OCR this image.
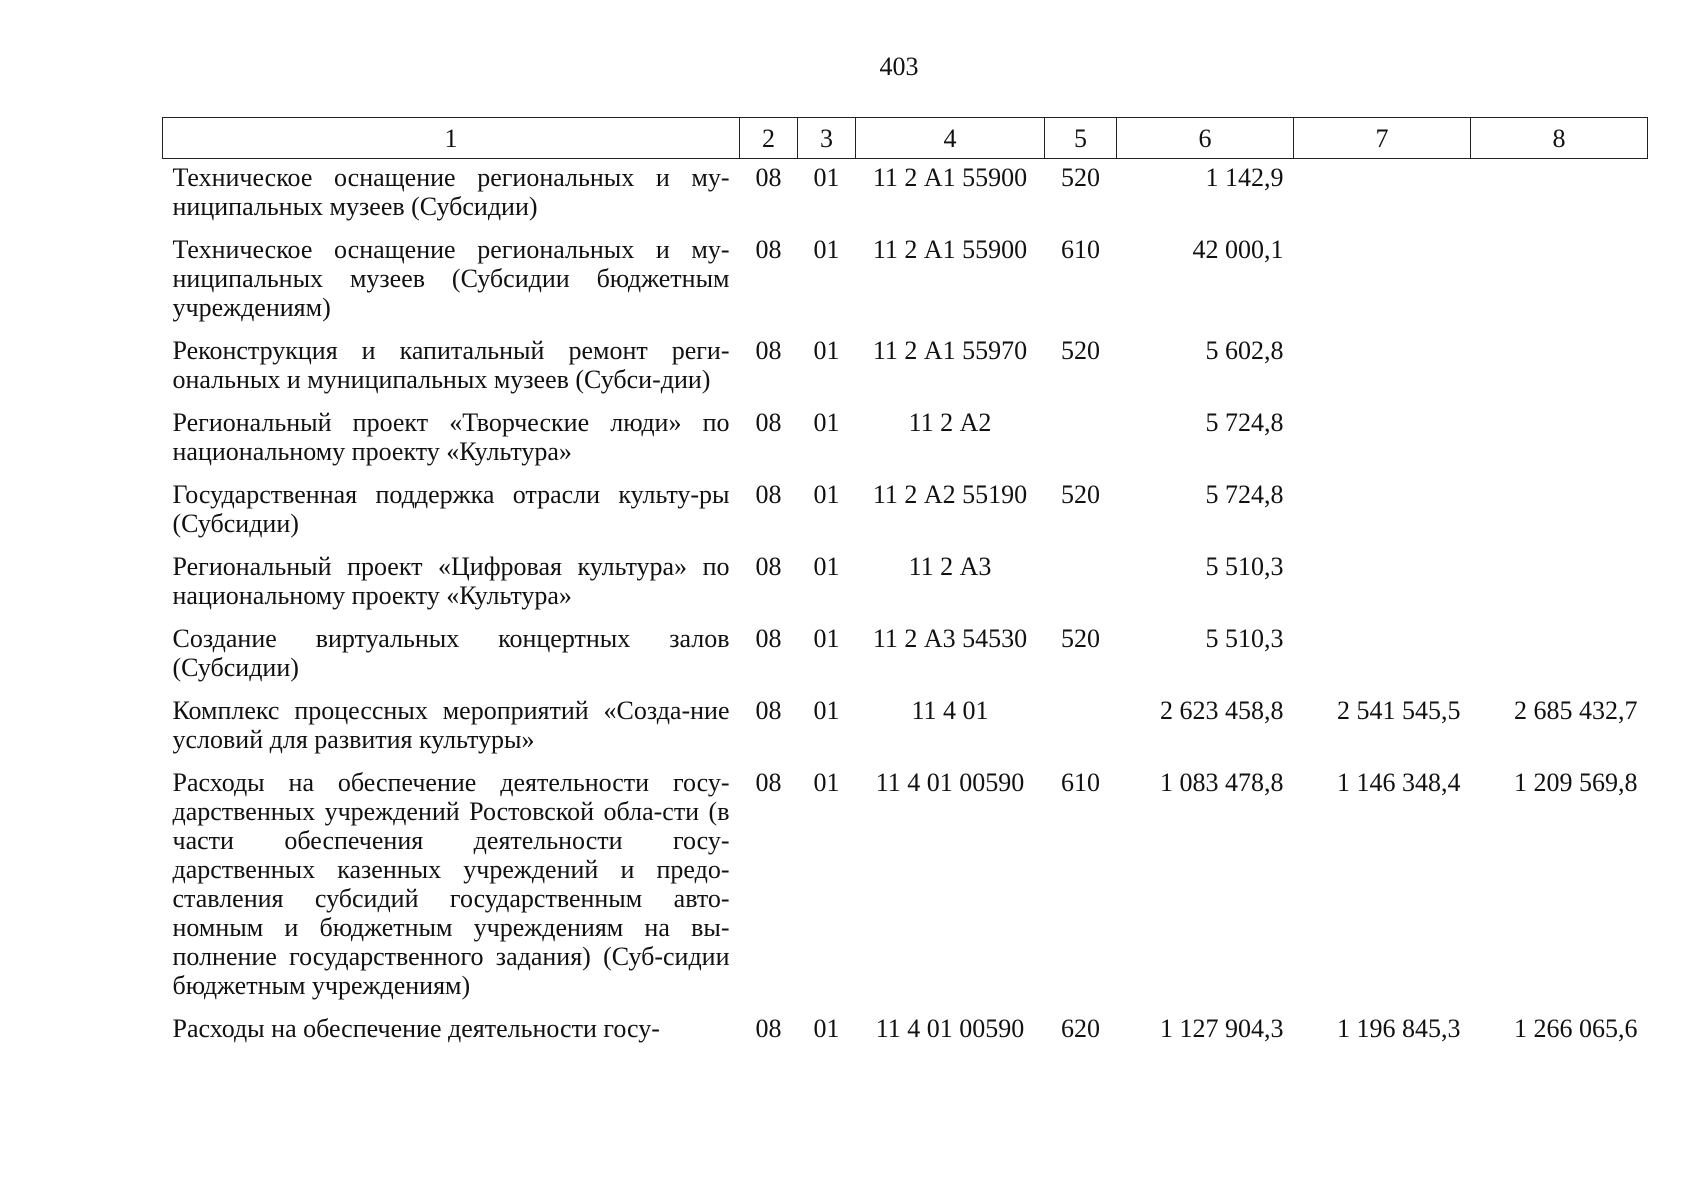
403
1	2	3	4	5	6	7	8
Техническое оснащение региональных и му-ниципальных музеев (Субсидии)	08	01	11 2 А1 55900	520	1 142,9		
Техническое оснащение региональных и му-ниципальных музеев (Субсидии бюджетным учреждениям)	08	01	11 2 А1 55900	610	42 000,1		
Реконструкция и капитальный ремонт реги-ональных и муниципальных музеев (Субси-дии)	08	01	11 2 А1 55970	520	5 602,8		
Региональный проект «Творческие люди» по национальному проекту «Культура»	08	01	11 2 А2		5 724,8		
Государственная поддержка отрасли культу-ры (Субсидии)	08	01	11 2 А2 55190	520	5 724,8		
Региональный проект «Цифровая культура» по национальному проекту «Культура»	08	01	11 2 А3		5 510,3		
Создание виртуальных концертных залов (Субсидии)	08	01	11 2 А3 54530	520	5 510,3		
Комплекс процессных мероприятий «Созда-ние условий для развития культуры»	08	01	11 4 01		2 623 458,8	2 541 545,5	2 685 432,7
Расходы на обеспечение деятельности госу-дарственных учреждений Ростовской обла-сти (в части обеспечения деятельности госу-дарственных казенных учреждений и предо-ставления субсидий государственным авто-номным и бюджетным учреждениям на вы-полнение государственного задания) (Суб-сидии бюджетным учреждениям)	08	01	11 4 01 00590	610	1 083 478,8	1 146 348,4	1 209 569,8
Расходы на обеспечение деятельности госу-	08	01	11 4 01 00590	620	1 127 904,3	1 196 845,3	1 266 065,6
